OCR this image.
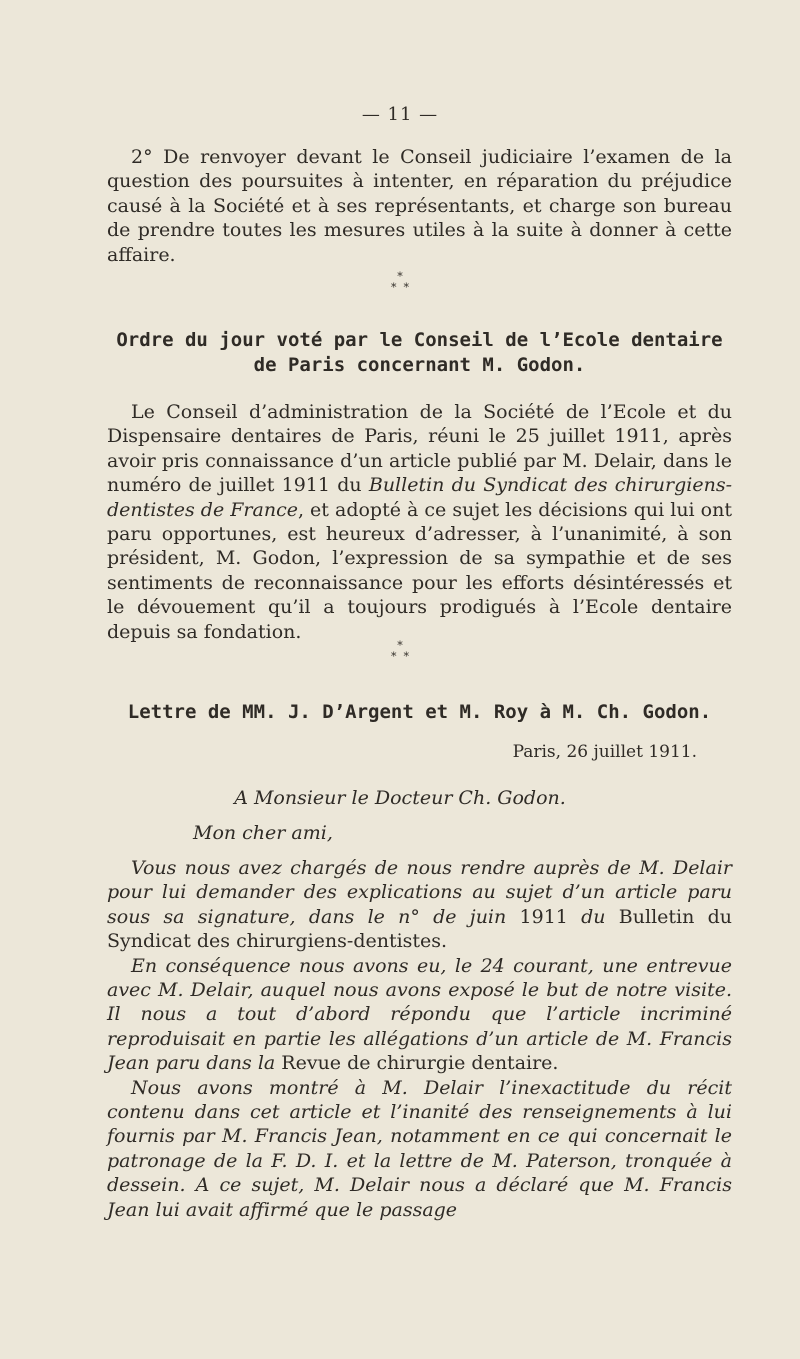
— 11 —

2° De renvoyer devant le Conseil judiciaire l’examen de la question des poursuites à intenter, en réparation du préjudice causé à la Société et à ses représentants, et charge son bureau de prendre toutes les mesures utiles à la suite à donner à cette affaire.

*
*  *
Ordre du jour voté par le Conseil de l’Ecole dentaire de Paris concernant M. Godon.

Le Conseil d’administration de la Société de l’Ecole et du Dispensaire dentaires de Paris, réuni le 25 juillet 1911, après avoir pris connaissance d’un article publié par M. Delair, dans le numéro de juillet 1911 du Bulletin du Syndicat des chirurgiens-dentistes de France, et adopté à ce sujet les décisions qui lui ont paru opportunes, est heureux d’adresser, à l’unanimité, à son président, M. Godon, l’expression de sa sympathie et de ses sentiments de reconnaissance pour les efforts désintéressés et le dévouement qu’il a toujours prodigués à l’Ecole dentaire depuis sa fondation.

*
*  *
Lettre de MM. J. D’Argent et M. Roy à M. Ch. Godon.
Paris, 26 juillet 1911.
A Monsieur le Docteur Ch. Godon.
Mon cher ami,

Vous nous avez chargés de nous rendre auprès de M. Delair pour lui demander des explications au sujet d’un article paru sous sa signature, dans le n° de juin 1911 du Bulletin du Syndicat des chirurgiens-dentistes.

En conséquence nous avons eu, le 24 courant, une entrevue avec M. Delair, auquel nous avons exposé le but de notre visite. Il nous a tout d’abord répondu que l’article incriminé reproduisait en partie les allégations d’un article de M. Francis Jean paru dans la Revue de chirurgie dentaire.

Nous avons montré à M. Delair l’inexactitude du récit contenu dans cet article et l’inanité des renseignements à lui fournis par M. Francis Jean, notamment en ce qui concernait le patronage de la F. D. I. et la lettre de M. Paterson, tronquée à dessein. A ce sujet, M. Delair nous a déclaré que M. Francis Jean lui avait affirmé que le passage
